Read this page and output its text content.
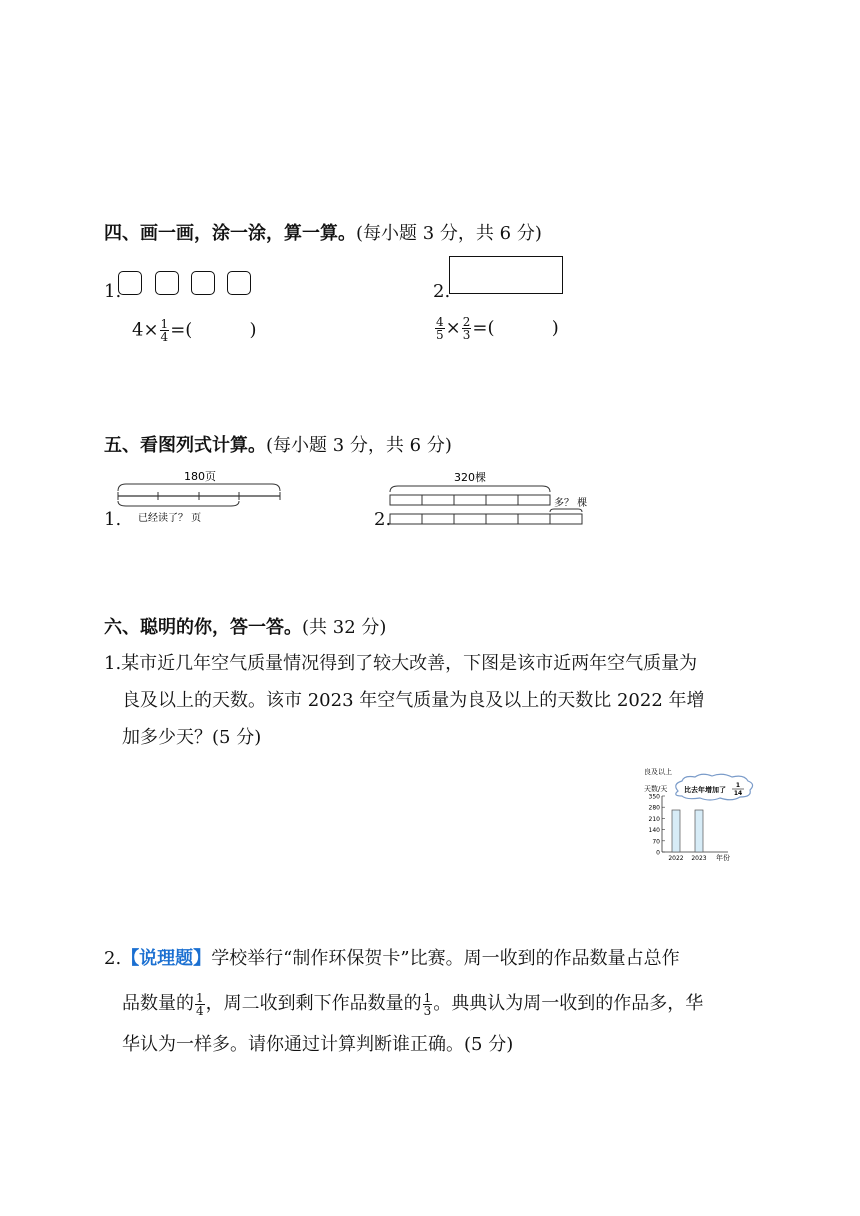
四、画一画，涂一涂，算一算。(每小题 3 分，共 6 分)
1.
$4\times \frac{1}{4}$ =(          )
2.
$\frac{4}{5} \times \frac{2}{3}$ =(          )
五、看图列式计算。(每小题 3 分，共 6 分)
1.
180页
已经读了？ 页	2.
320棵
多？ 棵
六、聪明的你，答一答。(共 32 分)
1.某市近几年空气质量情况得到了较大改善，下图是该市近两年空气质量为
良及以上的天数。该市 2023 年空气质量为良及以上的天数比 2022 年增
加多少天？(5 分)
良及以上
天数/天
0
70
140
210
280
350
2022 2023 年份
比去年增加了
1
14
2.【说理题】学校举行“制作环保贺卡”比赛。周一收到的作品数量占总作
品数量的 $\frac{1}{4}$ ，周二收到剩下作品数量的 $\frac{1}{3}$ 。典典认为周一收到的作品多，华
华认为一样多。请你通过计算判断谁正确。(5 分)
